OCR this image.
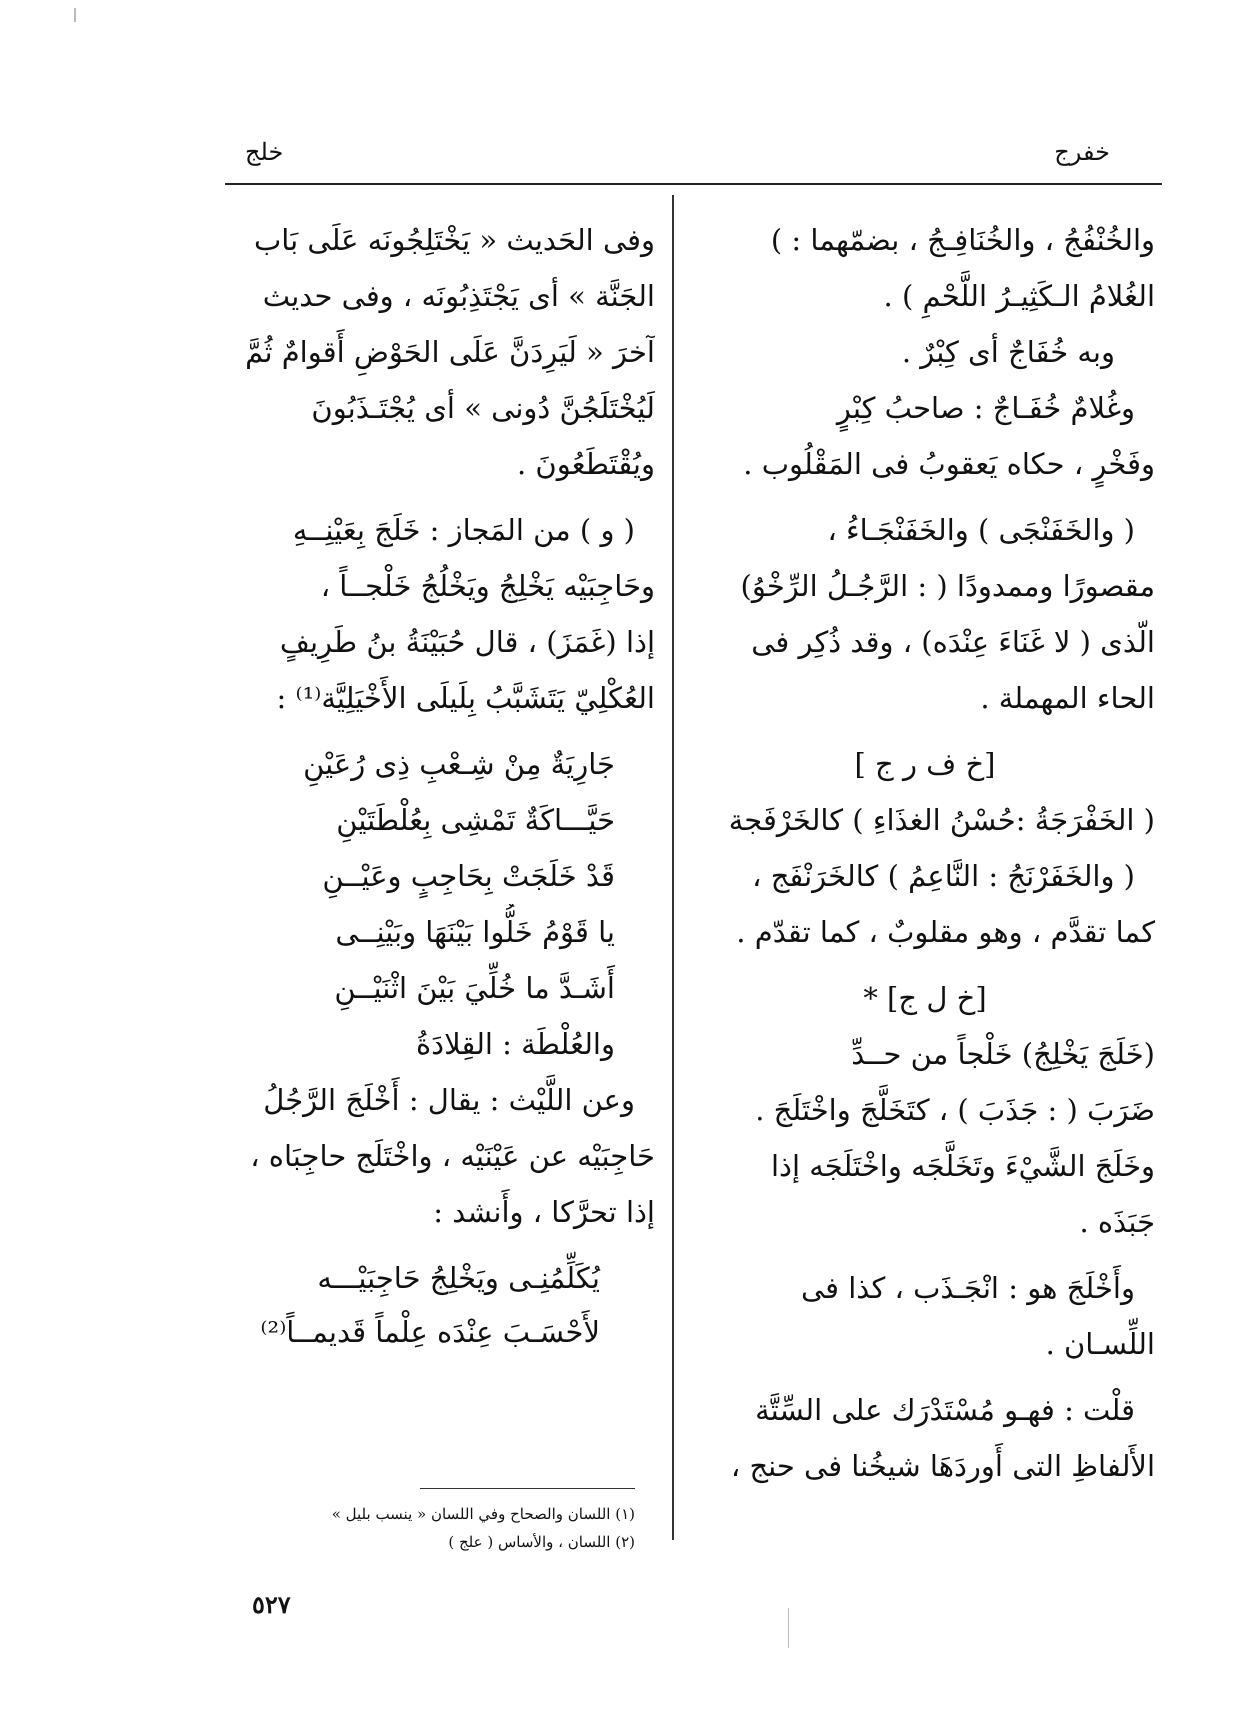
خفرج
خلج
والخُنْفُجُ ، والخُنَافِـجُ ، بضمّهما : )
الغُلامُ الـكَثِيـرُ اللَّحْمِ ) .
وبه خُفَاجٌ أى كِبْرٌ .
وغُلامٌ خُفَـاجٌ : صاحبُ كِبْرٍ
وفَخْرٍ ، حكاه يَعقوبُ فى المَقْلُوب .
( والخَفَنْجَى ) والخَفَنْجَـاءُ ،
مقصورًا وممدودًا ( : الرَّجُـلُ الرِّخْوُ)
الّذى ( لا غَنَاءَ عِنْدَه) ، وقد ذُكِر فى
الحاء المهملة .
[خ ف ر ج ]
( الخَفْرَجَةُ :حُسْنُ الغذَاءِ ) كالخَرْفَجة
( والخَفَرْنَجُ : النَّاعِمُ ) كالخَرَنْفَج ،
كما تقدَّم ، وهو مقلوبٌ ، كما تقدّم .
[خ ل ج] *
(خَلَجَ يَخْلِجُ) خَلْجاً من حــدِّ
ضَرَبَ ( : جَذَبَ ) ، كتَخَلَّجَ واخْتَلَجَ .
وخَلَجَ الشَّيْءَ وتَخَلَّجَه واخْتَلَجَه إذا
جَبَذَه .
وأَخْلَجَ هو : انْجَـذَب ، كذا فى
اللِّسـان .
قلْت : فهـو مُسْتَدْرَك على السِّتَّة
الأَلفاظِ التى أَوردَهَا شيخُنا فى حنج ،
وفى الحَديث « يَخْتَلِجُونَه عَلَى بَاب
الجَنَّة » أى يَجْتَذِبُونَه ، وفى حديث
آخرَ « لَيَرِدَنَّ عَلَى الحَوْضِ أَقوامٌ ثُمَّ
لَيُخْتَلَجُنَّ دُونى » أى يُجْتَـذَبُونَ
ويُقْتَطَعُونَ .
( و ) من المَجاز : خَلَجَ بِعَيْنِــهِ
وحَاجِبَيْه يَخْلِجُ ويَخْلُجُ خَلْجــاً ،
إذا (غَمَزَ) ، قال حُبَيْنَةُ بنُ طَرِيفٍ
العُكْلِيّ يَتَشَبَّبُ بِلَيلَى الأَخْيَلِيَّة⁽¹⁾ :
جَارِيَةٌ مِنْ شِـعْبِ ذِى رُعَيْنِ
حَيَّـــاكَةٌ تَمْشِى بِعُلْطَتَيْنِ
قَدْ خَلَجَتْ بِحَاجِبٍ وعَيْــنِ
يا قَوْمُ خَلُّوا بَيْنَهَا وبَيْنِــى
أَشَـدَّ ما خُلِّيَ بَيْنَ اثْنَيْــنِ
والعُلْطَة : القِلادَةُ
وعن اللَّيْث : يقال : أَخْلَجَ الرَّجُلُ
حَاجِبَيْه عن عَيْنَيْه ، واخْتَلَج حاجِبَاه ،
إذا تحرَّكا ، وأَنشد :
يُكَلِّمُنِـى ويَخْلِجُ حَاجِبَيْـــه
لأَحْسَـبَ عِنْدَه عِلْماً قَديمــاً⁽²⁾
(١) اللسان والصحاح وفي اللسان « ينسب بليل »
(٢) اللسان ، والأساس ( علج )
٥٢٧
